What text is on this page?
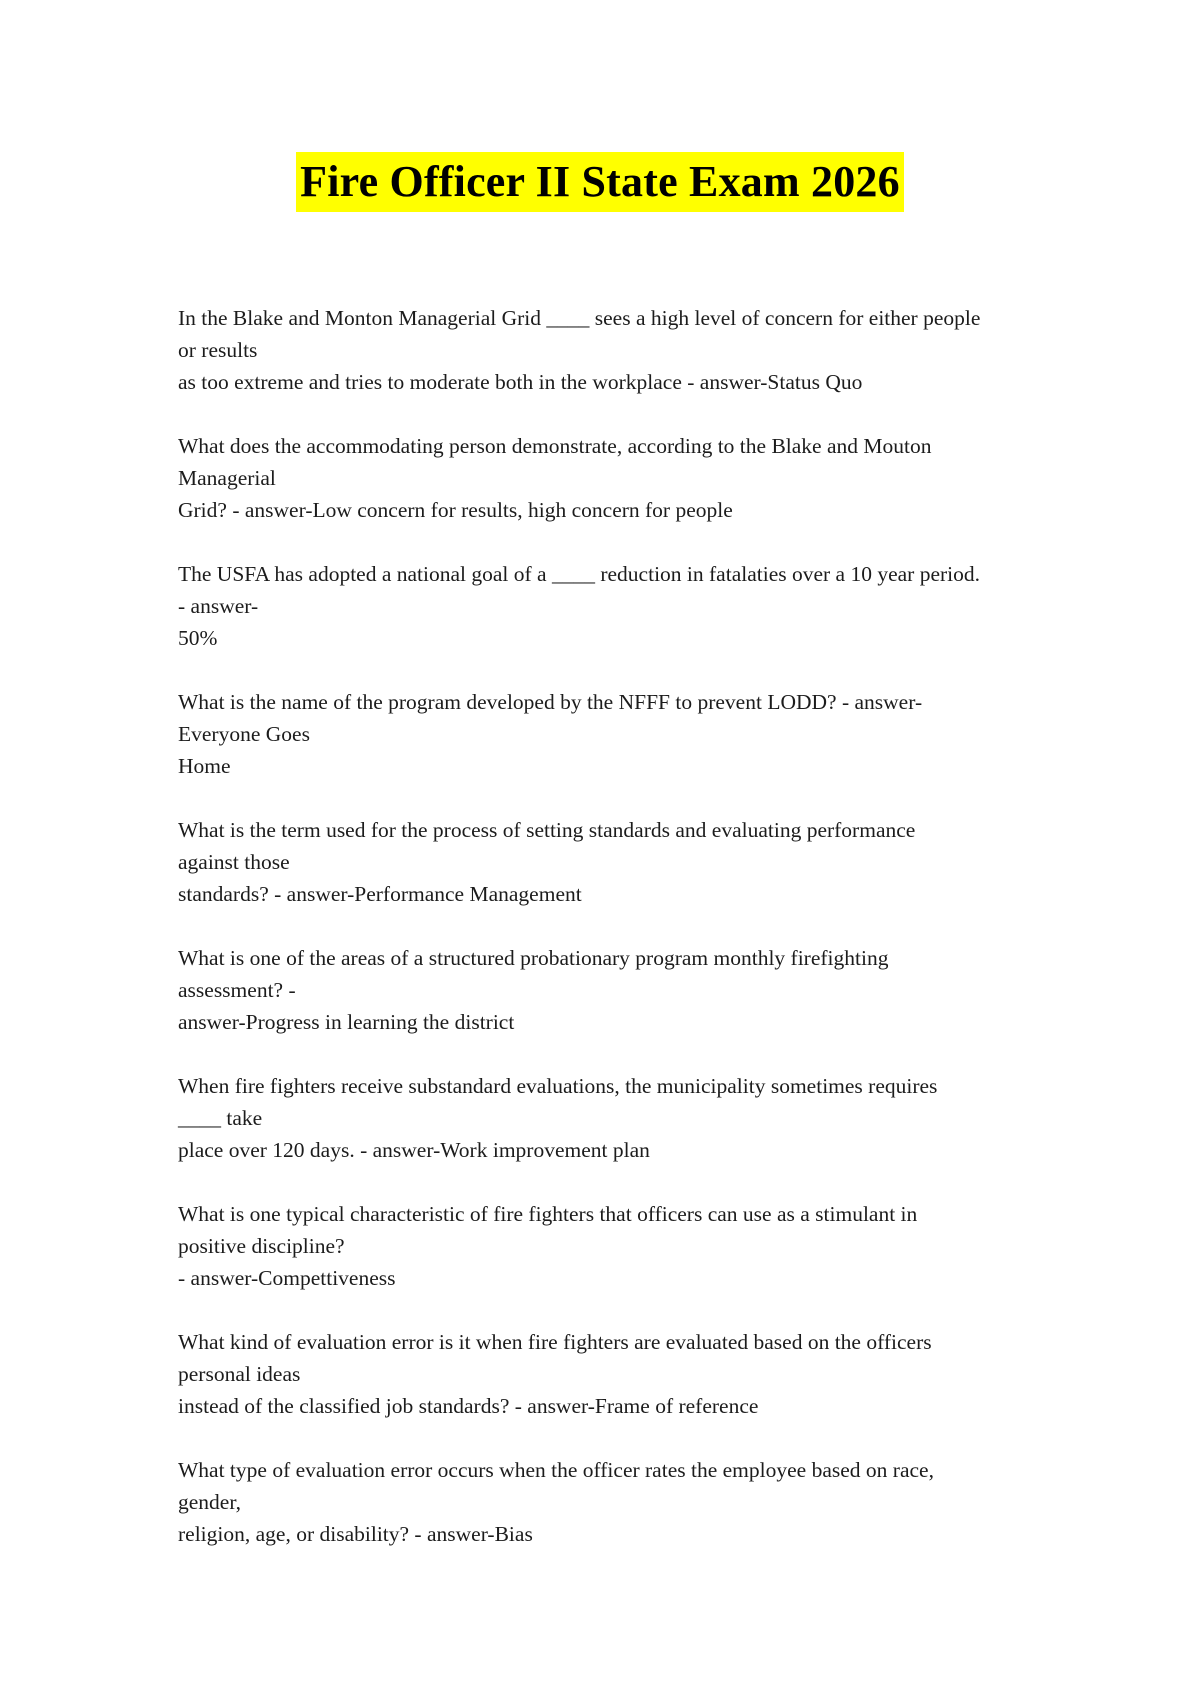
Fire Officer II State Exam 2026
In the Blake and Monton Managerial Grid ____ sees a high level of concern for either people
or results
as too extreme and tries to moderate both in the workplace - answer-Status Quo
What does the accommodating person demonstrate, according to the Blake and Mouton
Managerial
Grid? - answer-Low concern for results, high concern for people
The USFA has adopted a national goal of a ____ reduction in fatalaties over a 10 year period.
- answer-
50%
What is the name of the program developed by the NFFF to prevent LODD? - answer-
Everyone Goes
Home
What is the term used for the process of setting standards and evaluating performance
against those
standards? - answer-Performance Management
What is one of the areas of a structured probationary program monthly firefighting
assessment? -
answer-Progress in learning the district
When fire fighters receive substandard evaluations, the municipality sometimes requires
____ take
place over 120 days. - answer-Work improvement plan
What is one typical characteristic of fire fighters that officers can use as a stimulant in
positive discipline?
- answer-Compettiveness
What kind of evaluation error is it when fire fighters are evaluated based on the officers
personal ideas
instead of the classified job standards? - answer-Frame of reference
What type of evaluation error occurs when the officer rates the employee based on race,
gender,
religion, age, or disability? - answer-Bias
